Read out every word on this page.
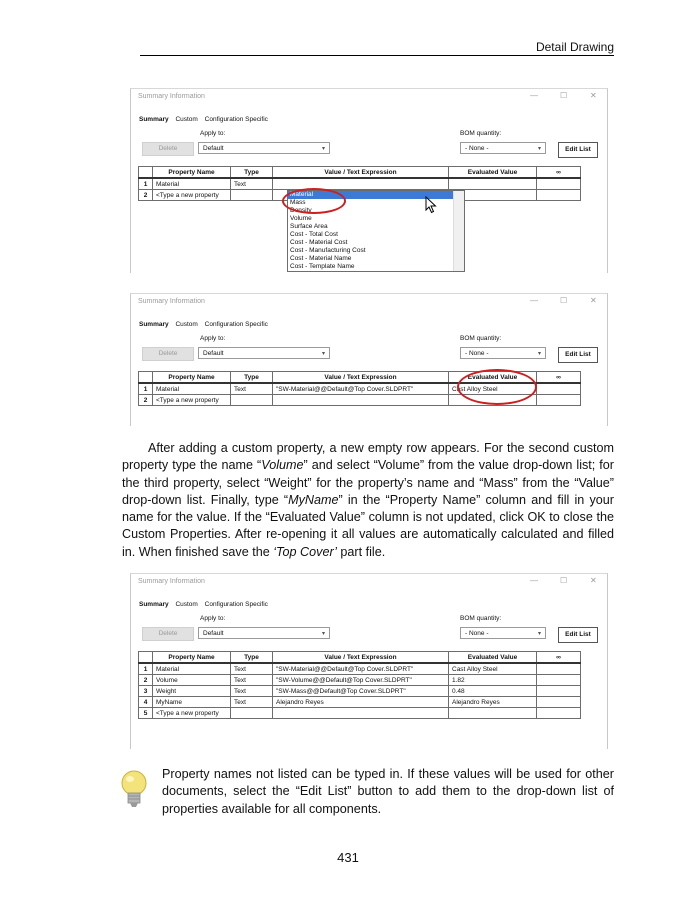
Detail Drawing
Summary Information	—	☐	✕
Summary Custom Configuration Specific
Apply to:	BOM quantity:
Delete	Default	▾	- None -	▾	Edit List
	Property Name	Type	Value / Text Expression	Evaluated Value	∞
1	Material	Text			
2	<Type a new property					Material
Mass
Density
Volume
Surface Area
Cost - Total Cost
Cost - Material Cost
Cost - Manufacturing Cost
Cost - Material Name
Cost - Template Name
Summary Information	—	☐	✕
Summary Custom Configuration Specific
Apply to:	BOM quantity:
Delete	Default	▾	- None -	▾	Edit List
	Property Name	Type	Value / Text Expression	Evaluated Value	∞
1	Material	Text	"SW-Material@@Default@Top Cover.SLDPRT"	Cast Alloy Steel	
2	<Type a new property				
After adding a custom property, a new empty row appears. For the second custom property type the name “Volume” and select “Volume” from the value drop-down list; for the third property, select “Weight” for the property’s name and “Mass” from the “Value” drop-down list. Finally, type “MyName” in the “Property Name” column and fill in your name for the value. If the “Evaluated Value” column is not updated, click OK to close the Custom Properties. After re-opening it all values are automatically calculated and filled in. When finished save the ‘Top Cover’ part file.
Summary Information	—	☐	✕
Summary Custom Configuration Specific
Apply to:	BOM quantity:
Delete	Default	▾	- None -	▾	Edit List
	Property Name	Type	Value / Text Expression	Evaluated Value	∞
1	Material	Text	"SW-Material@@Default@Top Cover.SLDPRT"	Cast Alloy Steel	
2	Volume	Text	"SW-Volume@@Default@Top Cover.SLDPRT"	1.82	
3	Weight	Text	"SW-Mass@@Default@Top Cover.SLDPRT"	0.48	
4	MyName	Text	Alejandro Reyes	Alejandro Reyes	
5	<Type a new property				
Property names not listed can be typed in. If these values will be used for other documents, select the “Edit List” button to add them to the drop-down list of properties available for all components.
431
